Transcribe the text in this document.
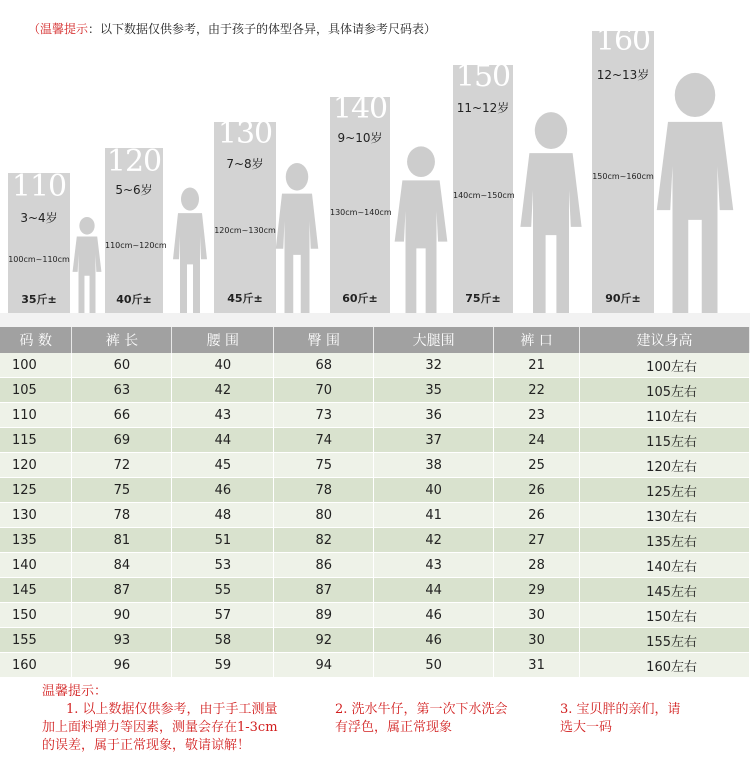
（温馨提示：以下数据仅供参考，由于孩子的体型各异，具体请参考尺码表）
110
3~4岁
100cm~110cm
35斤±
120
5~6岁
110cm~120cm
40斤±
130
7~8岁
120cm~130cm
45斤±
140
9~10岁
130cm~140cm
60斤±
150
11~12岁
140cm~150cm
75斤±
160
12~13岁
150cm~160cm
90斤±
码 数	裤 长	腰 围	臀 围	大腿围	裤 口	建议身高
100	60	40	68	32	21	100左右
105	63	42	70	35	22	105左右
110	66	43	73	36	23	110左右
115	69	44	74	37	24	115左右
120	72	45	75	38	25	120左右
125	75	46	78	40	26	125左右
130	78	48	80	41	26	130左右
135	81	51	82	42	27	135左右
140	84	53	86	43	28	140左右
145	87	55	87	44	29	145左右
150	90	57	89	46	30	150左右
155	93	58	92	46	30	155左右
160	96	59	94	50	31	160左右
温馨提示：
1. 以上数据仅供参考，由于手工测量
加上面料弹力等因素，测量会存在1-3cm
的误差，属于正常现象，敬请谅解！
2. 洗水牛仔，第一次下水洗会
有浮色，属正常现象
3. 宝贝胖的亲们，请
选大一码
